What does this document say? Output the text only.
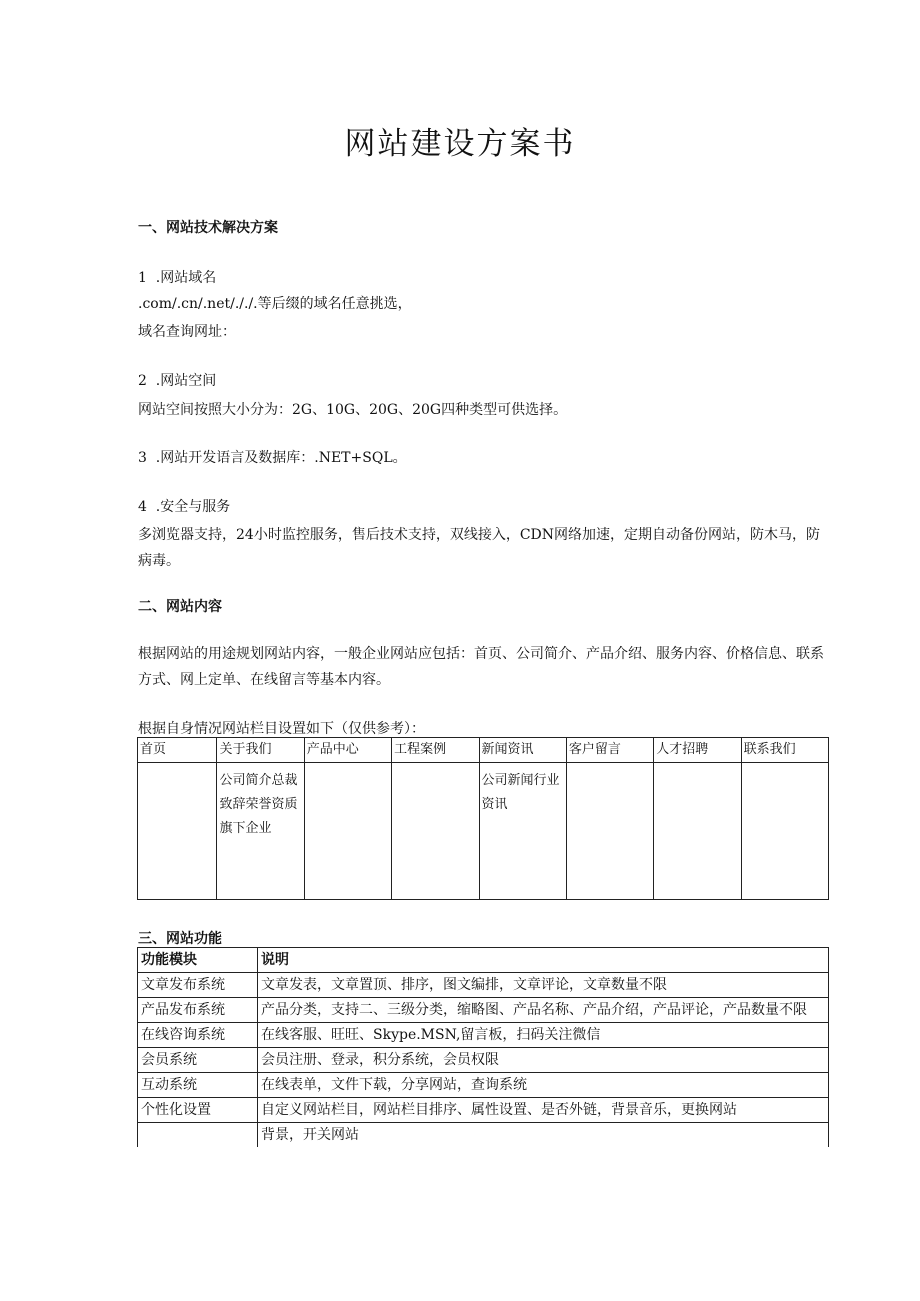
网站建设方案书
一、网站技术解决方案
1  .网站域名
.com/.cn/.net/././.等后缀的域名任意挑选，
域名查询网址：
2  .网站空间
网站空间按照大小分为：2G、10G、20G、20G四种类型可供选择。
3  .网站开发语言及数据库：.NET+SQL。
4  .安全与服务
多浏览器支持，24小时监控服务，售后技术支持，双线接入，CDN网络加速，定期自动备份网站，防木马，防病毒。
二、网站内容
根据网站的用途规划网站内容，一般企业网站应包括：首页、公司简介、产品介绍、服务内容、价格信息、联系方式、网上定单、在线留言等基本内容。
根据自身情况网站栏目设置如下（仅供参考）：
首页	关于我们	产品中心	工程案例	新闻资讯	客户留言	人才招聘	联系我们
	公司简介总裁致辞荣誉资质旗下企业			公司新闻行业资讯			
三、网站功能
功能模块	说明
文章发布系统	文章发表，文章置顶、排序，图文编排，文章评论，文章数量不限
产品发布系统	产品分类，支持二、三级分类，缩略图、产品名称、产品介绍，产品评论，产品数量不限
在线咨询系统	在线客服、旺旺、Skype.MSN,留言板，扫码关注微信
会员系统	会员注册、登录，积分系统，会员权限
互动系统	在线表单，文件下载，分享网站，查询系统
个性化设置	自定义网站栏目，网站栏目排序、属性设置、是否外链，背景音乐，更换网站
	背景，开关网站
